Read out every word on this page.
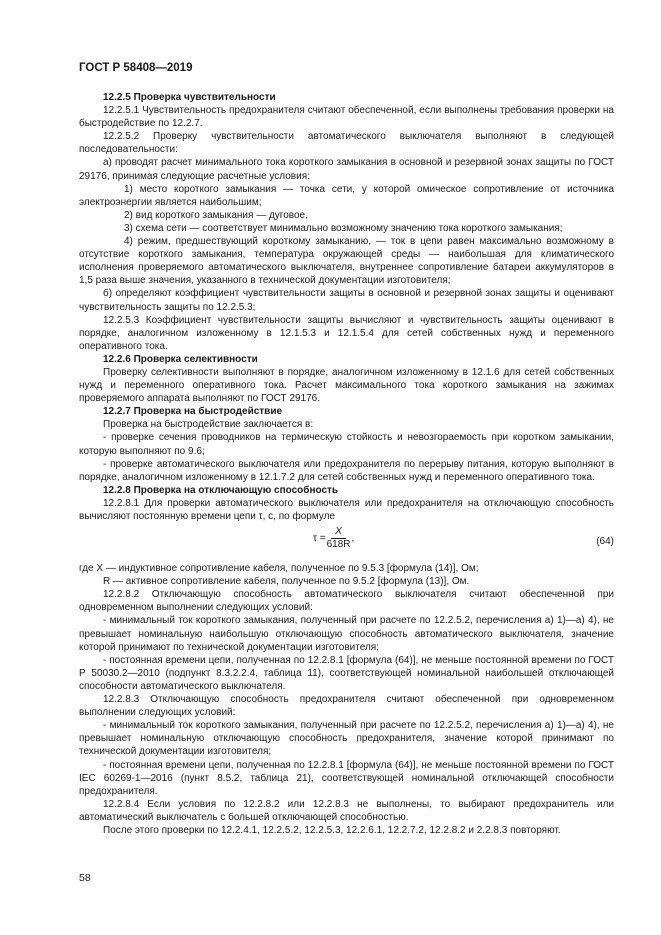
ГОСТ Р 58408—2019

12.2.5 Проверка чувствительности

12.2.5.1 Чувствительность предохранителя считают обеспеченной, если выполнены требования проверки на быстродействие по 12.2.7.

12.2.5.2 Проверку чувствительности автоматического выключателя выполняют в следующей последовательности:

а) проводят расчет минимального тока короткого замыкания в основной и резервной зонах защиты по ГОСТ 29176, принимая следующие расчетные условия:

1) место короткого замыкания — точка сети, у которой омическое сопротивление от источника электроэнергии является наибольшим;

2) вид короткого замыкания — дуговое,

3) схема сети — соответствует минимально возможному значению тока короткого замыкания;

4) режим, предшествующий короткому замыканию, — ток в цепи равен максимально возможному в отсутствие короткого замыкания, температура окружающей среды — наибольшая для климатического исполнения проверяемого автоматического выключателя, внутреннее сопротивление батареи аккумуляторов в 1,5 раза выше значения, указанного в технической документации изготовителя;

б) определяют коэффициент чувствительности защиты в основной и резервной зонах защиты и оценивают чувствительность защиты по 12.2.5.3;

12.2.5.3 Коэффициент чувствительности защиты вычисляют и чувствительность защиты оценивают в порядке, аналогичном изложенному в 12.1.5.3 и 12.1.5.4 для сетей собственных нужд и переменного оперативного тока.

12.2.6 Проверка селективности

Проверку селективности выполняют в порядке, аналогичном изложенному в 12.1.6 для сетей собственных нужд и переменного оперативного тока. Расчет максимального тока короткого замыкания на зажимах проверяемого аппарата выполняют по ГОСТ 29176.

12.2.7 Проверка на быстродействие

Проверка на быстродействие заключается в:

- проверке сечения проводников на термическую стойкость и невозгораемость при коротком замыкании, которую выполняют по 9.6;

- проверке автоматического выключателя или предохранителя по перерыву питания, которую выполняют в порядке, аналогичном изложенному в 12.1.7.2 для сетей собственных нужд и переменного оперативного тока.

12.2.8 Проверка на отключающую способность

12.2.8.1 Для проверки автоматического выключателя или предохранителя на отключающую способность вычисляют постоянную времени цепи τ, с, по формуле

$\tau = \frac{X}{618R}$ ,	(64)

где X — индуктивное сопротивление кабеля, полученное по 9.5.3 [формула (14)], Ом;

R — активное сопротивление кабеля, полученное по 9.5.2 [формула (13)], Ом.

12.2.8.2 Отключающую способность автоматического выключателя считают обеспеченной при одновременном выполнении следующих условий:

- минимальный ток короткого замыкания, полученный при расчете по 12.2.5.2, перечисления а) 1)—а) 4), не превышает номинальную наибольшую отключающую способность автоматического выключателя, значение которой принимают по технической документации изготовителя;

- постоянная времени цепи, полученная по 12.2.8.1 [формула (64)], не меньше постоянной времени по ГОСТ Р 50030.2—2010 (подпункт 8.3.2.2.4, таблица 11), соответствующей номинальной наибольшей отключающей способности автоматического выключателя.

12.2.8.3 Отключающую способность предохранителя считают обеспеченной при одновременном выполнении следующих условий:

- минимальный ток короткого замыкания, полученный при расчете по 12.2.5.2, перечисления а) 1)—а) 4), не превышает номинальную отключающую способность предохранителя, значение которой принимают по технической документации изготовителя;

- постоянная времени цепи, полученная по 12.2.8.1 [формула (64)], не меньше постоянной времени по ГОСТ IEC 60269-1—2016 (пункт 8.5.2, таблица 21), соответствующей номинальной отключающей способности предохранителя.

12.2.8.4 Если условия по 12.2.8.2 или 12.2.8.3 не выполнены, то выбирают предохранитель или автоматический выключатель с большей отключающей способностью.

После этого проверки по 12.2.4.1, 12.2.5.2, 12.2.5.3, 12.2.6.1, 12.2.7.2, 12.2.8.2 и 2.2.8.3 повторяют.

58
